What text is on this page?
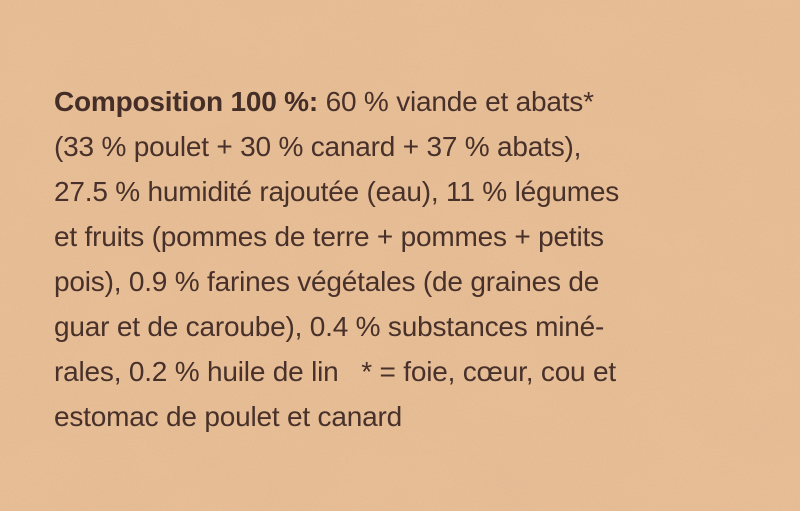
Composition 100 %: 60 % viande et abats*

(33 % poulet + 30 % canard + 37 % abats),

27.5 % humidité rajoutée (eau), 11 % légumes

et fruits (pommes de terre + pommes + petits

pois), 0.9 % farines végétales (de graines de

guar et de caroube), 0.4 % substances miné-

rales, 0.2 % huile de lin   * = foie, cœur, cou et

estomac de poulet et canard
